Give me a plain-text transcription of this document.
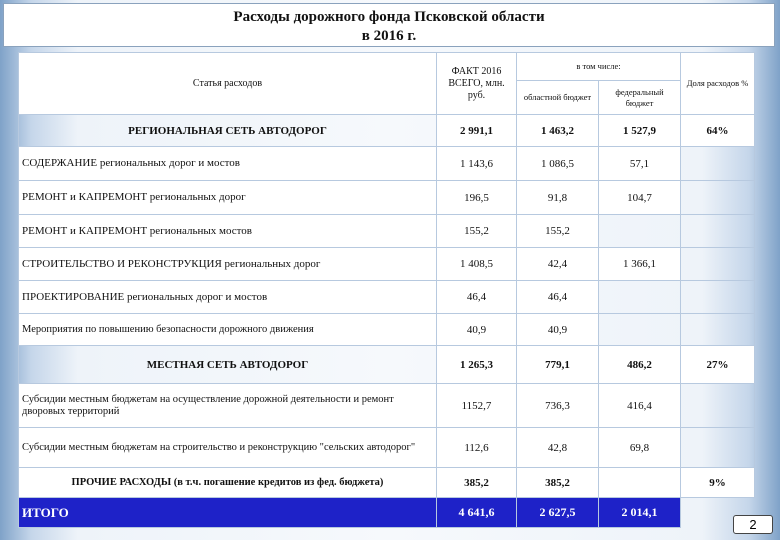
Расходы дорожного фонда Псковской области
в 2016 г.
Статья расходов	ФАКТ 2016 ВСЕГО, млн. руб.	в том числе:		Доля расходов %
		областной бюджет	федеральный бюджет	
РЕГИОНАЛЬНАЯ СЕТЬ АВТОДОРОГ	2 991,1	1 463,2	1 527,9	64%
СОДЕРЖАНИЕ региональных дорог и мостов	1 143,6	1 086,5	57,1	
РЕМОНТ и КАПРЕМОНТ региональных дорог	196,5	91,8	104,7	
РЕМОНТ и КАПРЕМОНТ региональных мостов	155,2	155,2		
СТРОИТЕЛЬСТВО И РЕКОНСТРУКЦИЯ региональных дорог	1 408,5	42,4	1 366,1	
ПРОЕКТИРОВАНИЕ региональных дорог и мостов	46,4	46,4		
Мероприятия по повышению безопасности дорожного движения	40,9	40,9		
МЕСТНАЯ СЕТЬ АВТОДОРОГ	1 265,3	779,1	486,2	27%
Субсидии местным бюджетам на осуществление дорожной деятельности и ремонт дворовых территорий	1152,7	736,3	416,4	
Субсидии местным бюджетам на строительство и реконструкцию "сельских автодорог"	112,6	42,8	69,8	
ПРОЧИЕ РАСХОДЫ (в т.ч. погашение кредитов из фед. бюджета)	385,2	385,2		9%
ИТОГО	4 641,6	2 627,5	2 014,1	
2
